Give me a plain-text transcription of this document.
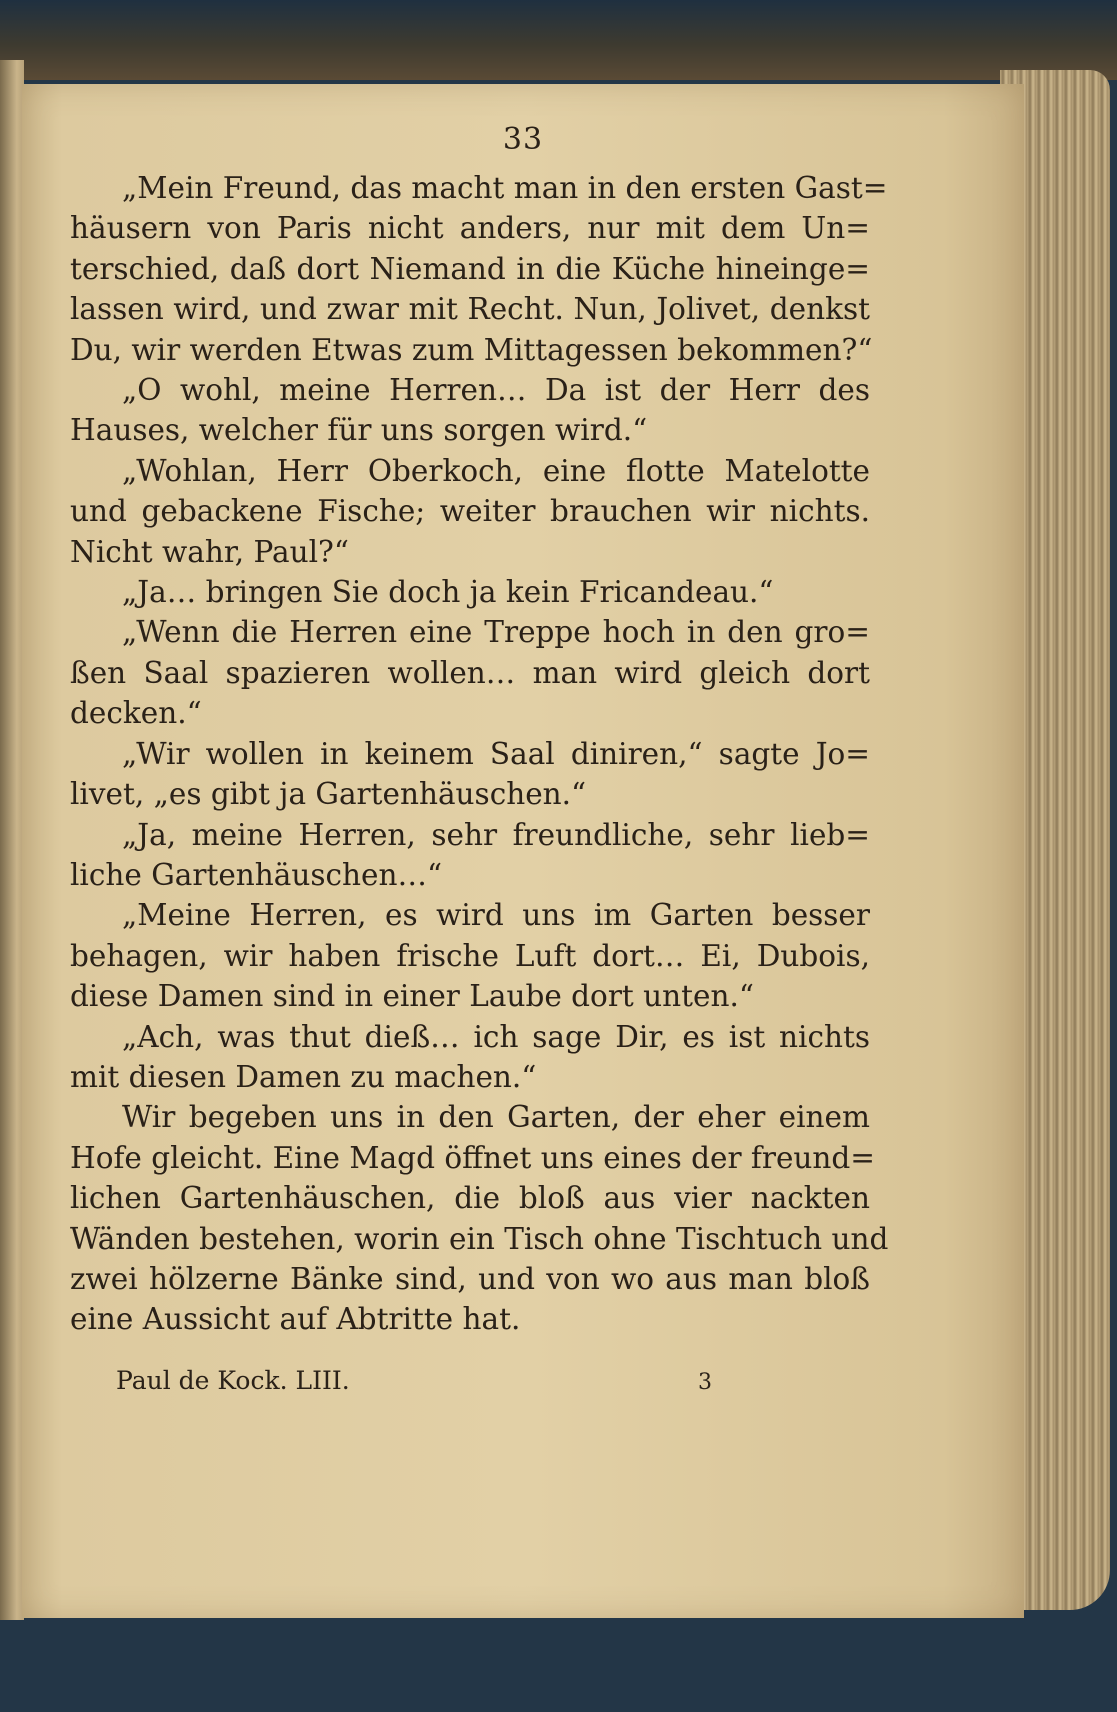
33
„Mein Freund, das macht man in den ersten Gast=
häusern von Paris nicht anders, nur mit dem Un=
terschied, daß dort Niemand in die Küche hineinge=
lassen wird, und zwar mit Recht. Nun, Jolivet, denkst
Du, wir werden Etwas zum Mittagessen bekommen?“
„O wohl, meine Herren… Da ist der Herr des
Hauses, welcher für uns sorgen wird.“
„Wohlan, Herr Oberkoch, eine flotte Matelotte
und gebackene Fische; weiter brauchen wir nichts.
Nicht wahr, Paul?“
„Ja… bringen Sie doch ja kein Fricandeau.“
„Wenn die Herren eine Treppe hoch in den gro=
ßen Saal spazieren wollen… man wird gleich dort
decken.“
„Wir wollen in keinem Saal diniren,“ sagte Jo=
livet, „es gibt ja Gartenhäuschen.“
„Ja, meine Herren, sehr freundliche, sehr lieb=
liche Gartenhäuschen…“
„Meine Herren, es wird uns im Garten besser
behagen, wir haben frische Luft dort… Ei, Dubois,
diese Damen sind in einer Laube dort unten.“
„Ach, was thut dieß… ich sage Dir, es ist nichts
mit diesen Damen zu machen.“
Wir begeben uns in den Garten, der eher einem
Hofe gleicht. Eine Magd öffnet uns eines der freund=
lichen Gartenhäuschen, die bloß aus vier nackten
Wänden bestehen, worin ein Tisch ohne Tischtuch und
zwei hölzerne Bänke sind, und von wo aus man bloß
eine Aussicht auf Abtritte hat.
Paul de Kock. LIII.	3
